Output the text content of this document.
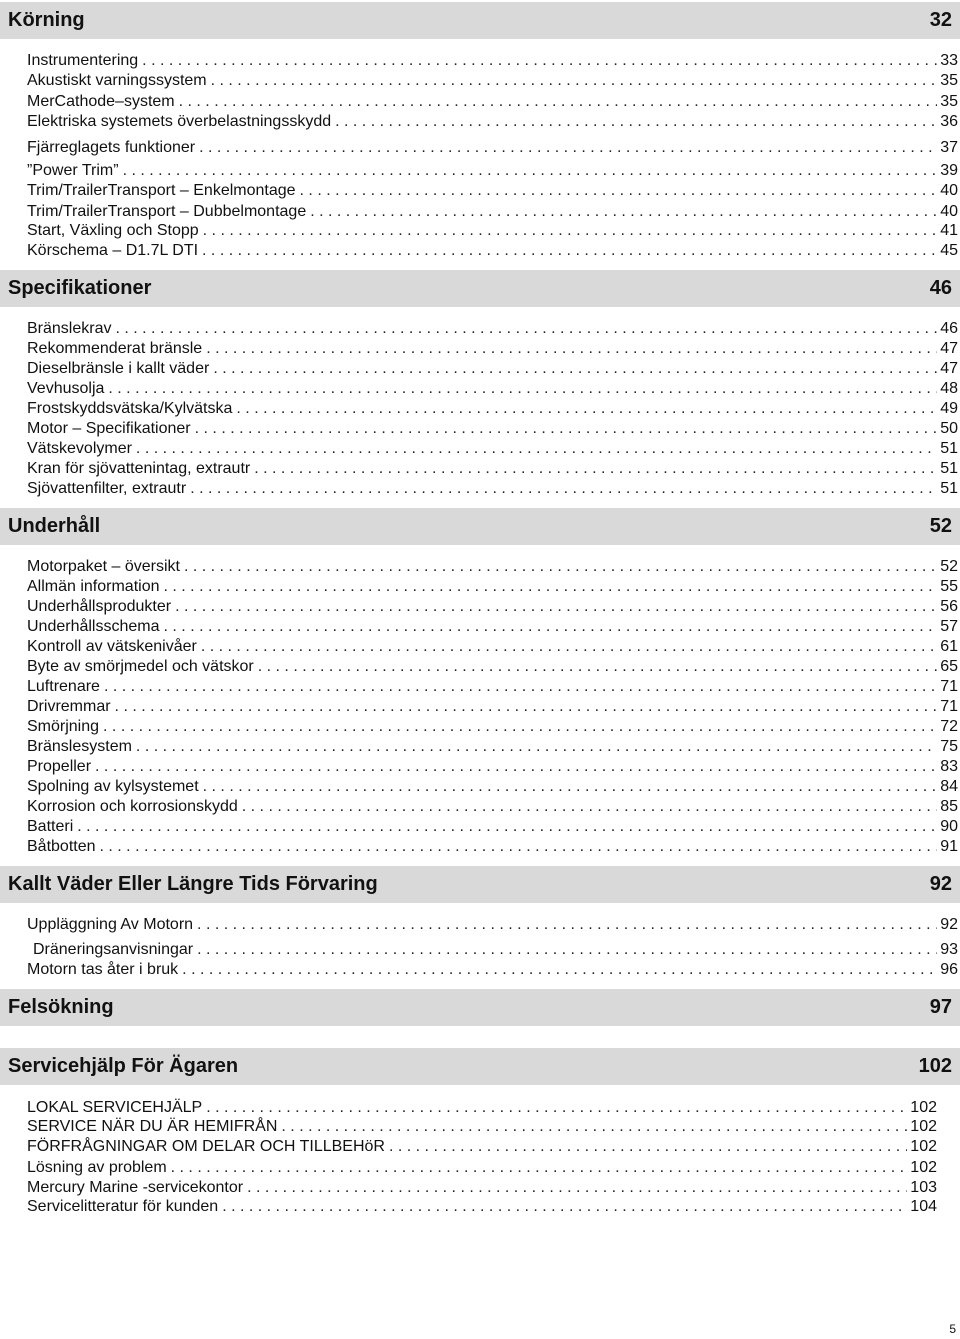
Körning	32
Instrumentering . . .	33
Akustiskt varningssystem . . .	35
MerCathode–system . . .	35
Elektriska systemets överbelastningsskydd . . .	36
Fjärreglagets funktioner . . .	37
”Power Trim” . . .	39
Trim/TrailerTransport – Enkelmontage . . .	40
Trim/TrailerTransport – Dubbelmontage . . .	40
Start, Växling och Stopp . . .	41
Körschema – D1.7L DTI . . .	45
Specifikationer	46
Bränslekrav . . .	46
Rekommenderat bränsle . . .	47
Dieselbränsle i kallt väder . . .	47
Vevhusolja . . .	48
Frostskyddsvätska/Kylvätska . . .	49
Motor – Specifikationer . . .	50
Vätskevolymer . . .	51
Kran för sjövattenintag, extrautr . . .	51
Sjövattenfilter, extrautr . . .	51
Underhåll	52
Motorpaket – översikt . . .	52
Allmän information . . .	55
Underhållsprodukter . . .	56
Underhållsschema . . .	57
Kontroll av vätskenivåer . . .	61
Byte av smörjmedel och vätskor . . .	65
Luftrenare . . .	71
Drivremmar . . .	71
Smörjning . . .	72
Bränslesystem . . .	75
Propeller . . .	83
Spolning av kylsystemet . . .	84
Korrosion och korrosionskydd . . .	85
Batteri . . .	90
Båtbotten . . .	91
Kallt Väder Eller Längre Tids Förvaring	92
Uppläggning Av Motorn . . .	92
Dräneringsanvisningar . . .	93
Motorn tas åter i bruk . . .	96
Felsökning	97
Servicehjälp För Ägaren	102
LOKAL SERVICEHJÄLP . . .	102
SERVICE NÄR DU ÄR HEMIFRÅN . . .	102
FÖRFRÅGNINGAR OM DELAR OCH TILLBEHöR . . .	102
Lösning av problem . . .	102
Mercury Marine -servicekontor . . .	103
Servicelitteratur för kunden . . .	104
5
